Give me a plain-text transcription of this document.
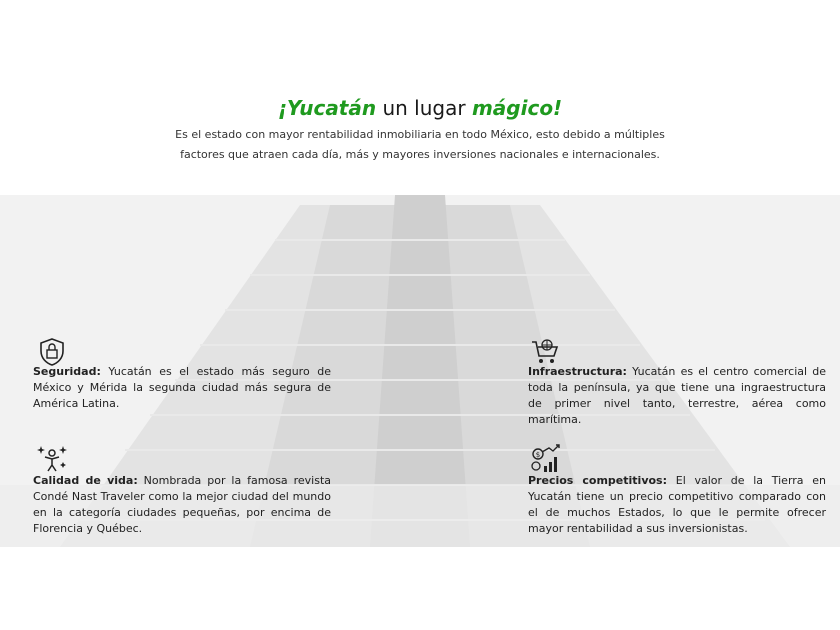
¡Yucatán un lugar mágico!

Es el estado con mayor rentabilidad inmobiliaria en todo México, esto debido a múltiples factores que atraen cada día, más y mayores inversiones nacionales e internacionales.

Seguridad: Yucatán es el estado más seguro de México y Mérida la segunda ciudad más segura de América Latina.
Infraestructura: Yucatán es el centro comercial de toda la península, ya que tiene una ingraestructura de primer nivel tanto, terrestre, aérea como marítima.
Calidad de vida: Nombrada por la famosa revista Condé Nast Traveler como la mejor ciudad del mundo en la categoría ciudades pequeñas, por encima de Florencia y Québec.
$
Precios competitivos: El valor de la Tierra en Yucatán tiene un precio competitivo comparado con el de muchos Estados, lo que le permite ofrecer mayor rentabilidad a sus inversionistas.
